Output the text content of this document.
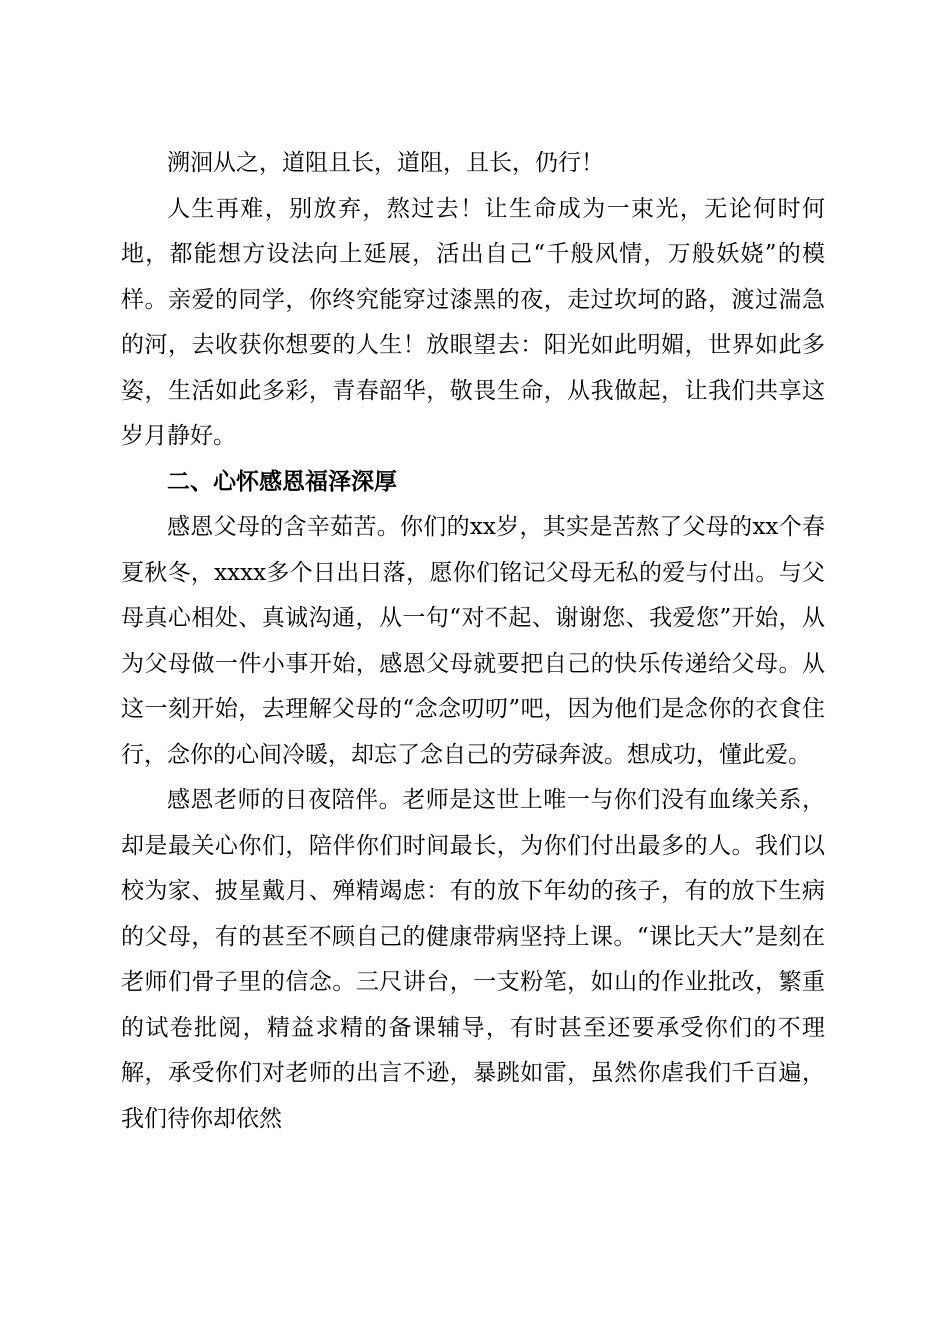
溯洄从之，道阻且长，道阻，且长，仍行！

人生再难，别放弃，熬过去！让生命成为一束光，无论何时何地，都能想方设法向上延展，活出自己“千般风情，万般妖娆”的模样。亲爱的同学，你终究能穿过漆黑的夜，走过坎坷的路，渡过湍急的河，去收获你想要的人生！放眼望去：阳光如此明媚，世界如此多姿，生活如此多彩，青春韶华，敬畏生命，从我做起，让我们共享这岁月静好。

二、心怀感恩福泽深厚

感恩父母的含辛茹苦。你们的xx岁，其实是苦熬了父母的xx个春夏秋冬，xxxx多个日出日落，愿你们铭记父母无私的爱与付出。与父母真心相处、真诚沟通，从一句“对不起、谢谢您、我爱您”开始，从为父母做一件小事开始，感恩父母就要把自己的快乐传递给父母。从这一刻开始，去理解父母的“念念叨叨”吧，因为他们是念你的衣食住行，念你的心间冷暖，却忘了念自己的劳碌奔波。想成功，懂此爱。

感恩老师的日夜陪伴。老师是这世上唯一与你们没有血缘关系，却是最关心你们，陪伴你们时间最长，为你们付出最多的人。我们以校为家、披星戴月、殚精竭虑：有的放下年幼的孩子，有的放下生病的父母，有的甚至不顾自己的健康带病坚持上课。“课比天大”是刻在老师们骨子里的信念。三尺讲台，一支粉笔，如山的作业批改，繁重的试卷批阅，精益求精的备课辅导，有时甚至还要承受你们的不理解，承受你们对老师的出言不逊，暴跳如雷，虽然你虐我们千百遍，我们待你却依然
